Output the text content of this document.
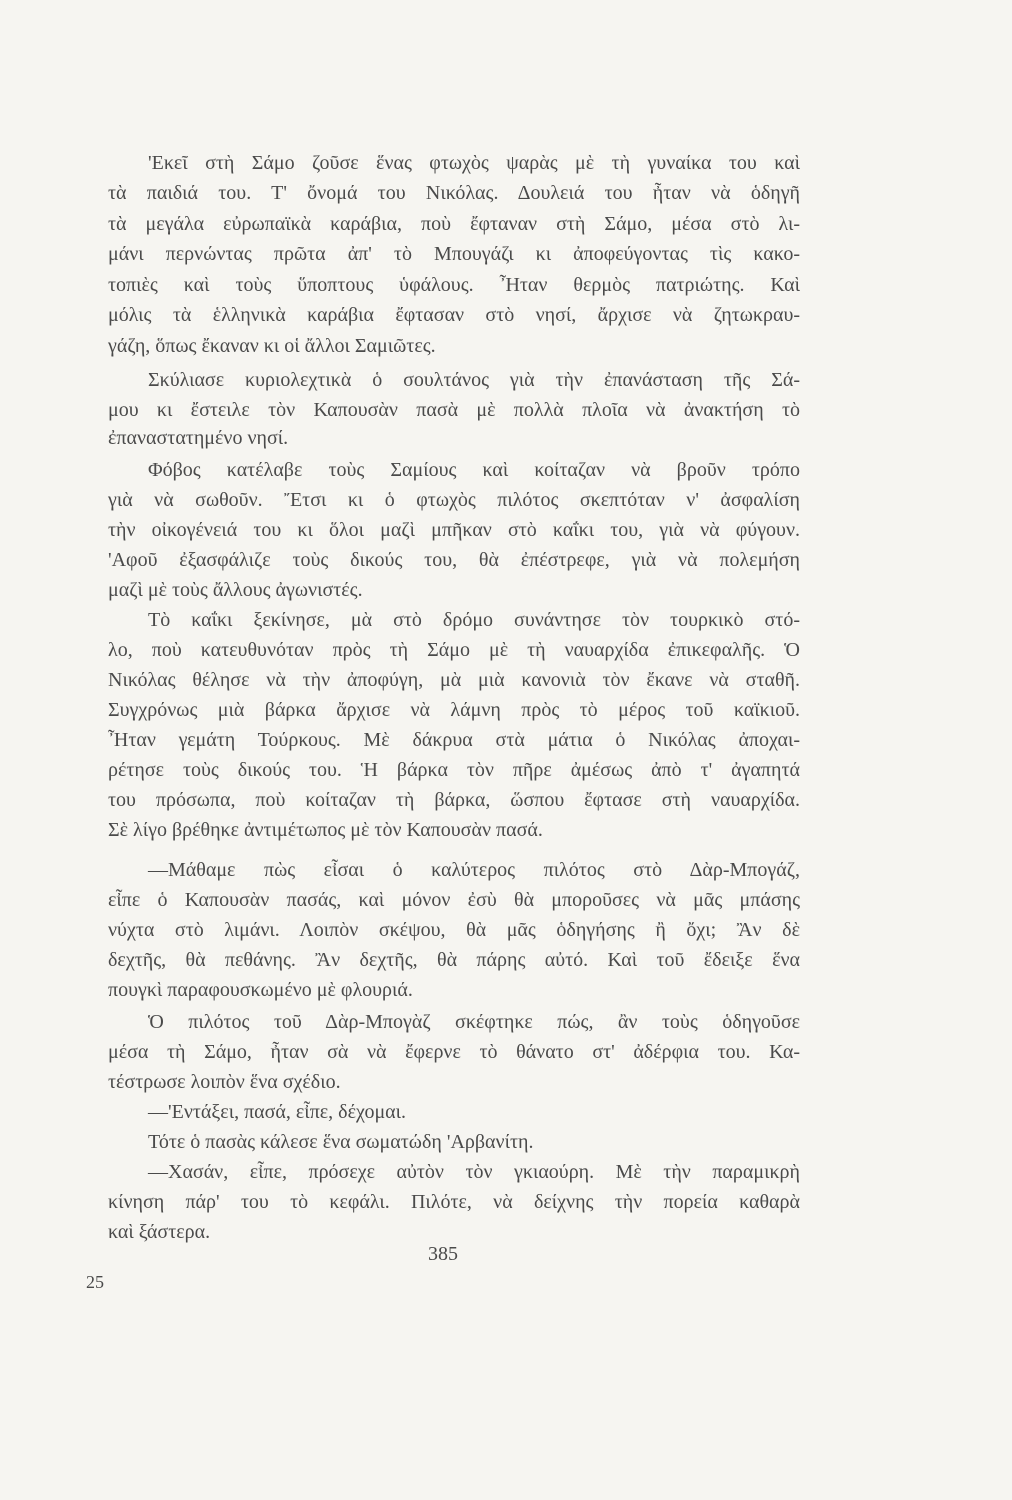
'Εκεῖ στὴ Σάμο ζοῦσε ἕνας φτωχὸς ψαρὰς μὲ τὴ γυναίκα του καὶ
τὰ παιδιά του. Τ' ὄνομά του Νικόλας. Δουλειά του ἦταν νὰ ὁδηγῆ
τὰ μεγάλα εὐρωπαϊκὰ καράβια, ποὺ ἔφταναν στὴ Σάμο, μέσα στὸ λι-
μάνι περνώντας πρῶτα ἀπ' τὸ Μπουγάζι κι ἀποφεύγοντας τὶς κακο-
τοπιὲς καὶ τοὺς ὕποπτους ὑφάλους. Ἦταν θερμὸς πατριώτης. Καὶ
μόλις τὰ ἑλληνικὰ καράβια ἔφτασαν στὸ νησί, ἄρχισε νὰ ζητωκραυ-
γάζη, ὅπως ἔκαναν κι οἱ ἄλλοι Σαμιῶτες.
Σκύλιασε κυριολεχτικὰ ὁ σουλτάνος γιὰ τὴν ἐπανάσταση τῆς Σά-
μου κι ἔστειλε τὸν Καπουσὰν πασὰ μὲ πολλὰ πλοῖα νὰ ἀνακτήση τὸ
ἐπαναστατημένο νησί.
Φόβος κατέλαβε τοὺς Σαμίους καὶ κοίταζαν νὰ βροῦν τρόπο
γιὰ νὰ σωθοῦν. Ἔτσι κι ὁ φτωχὸς πιλότος σκεπτόταν ν' ἀσφαλίση
τὴν οἰκογένειά του κι ὅλοι μαζὶ μπῆκαν στὸ καΐκι του, γιὰ νὰ φύγουν.
'Αφοῦ ἐξασφάλιζε τοὺς δικούς του, θὰ ἐπέστρεφε, γιὰ νὰ πολεμήση
μαζὶ μὲ τοὺς ἄλλους ἀγωνιστές.
Τὸ καΐκι ξεκίνησε, μὰ στὸ δρόμο συνάντησε τὸν τουρκικὸ στό-
λο, ποὺ κατευθυνόταν πρὸς τὴ Σάμο μὲ τὴ ναυαρχίδα ἐπικεφαλῆς. Ὁ
Νικόλας θέλησε νὰ τὴν ἀποφύγη, μὰ μιὰ κανονιὰ τὸν ἔκανε νὰ σταθῆ.
Συγχρόνως μιὰ βάρκα ἄρχισε νὰ λάμνη πρὸς τὸ μέρος τοῦ καϊκιοῦ.
Ἦταν γεμάτη Τούρκους. Μὲ δάκρυα στὰ μάτια ὁ Νικόλας ἀποχαι-
ρέτησε τοὺς δικούς του. Ἡ βάρκα τὸν πῆρε ἀμέσως ἀπὸ τ' ἀγαπητά
του πρόσωπα, ποὺ κοίταζαν τὴ βάρκα, ὥσπου ἔφτασε στὴ ναυαρχίδα.
Σὲ λίγο βρέθηκε ἀντιμέτωπος μὲ τὸν Καπουσὰν πασά.
—Μάθαμε πὼς εἶσαι ὁ καλύτερος πιλότος στὸ Δὰρ-Μπογάζ,
εἶπε ὁ Καπουσὰν πασάς, καὶ μόνον ἐσὺ θὰ μποροῦσες νὰ μᾶς μπάσης
νύχτα στὸ λιμάνι. Λοιπὸν σκέψου, θὰ μᾶς ὁδηγήσης ἢ ὄχι; Ἂν δὲ
δεχτῆς, θὰ πεθάνης. Ἂν δεχτῆς, θὰ πάρης αὐτό. Καὶ τοῦ ἔδειξε ἕνα
πουγκὶ παραφουσκωμένο μὲ φλουριά.
Ὁ πιλότος τοῦ Δὰρ-Μπογὰζ σκέφτηκε πώς, ἂν τοὺς ὁδηγοῦσε
μέσα τὴ Σάμο, ἦταν σὰ νὰ ἔφερνε τὸ θάνατο στ' ἀδέρφια του. Κα-
τέστρωσε λοιπὸν ἕνα σχέδιο.
—'Εντάξει, πασά, εἶπε, δέχομαι.
Τότε ὁ πασὰς κάλεσε ἕνα σωματώδη 'Αρβανίτη.
—Χασάν, εἶπε, πρόσεχε αὐτὸν τὸν γκιαούρη. Μὲ τὴν παραμικρὴ
κίνηση πάρ' του τὸ κεφάλι. Πιλότε, νὰ δείχνης τὴν πορεία καθαρὰ
καὶ ξάστερα.
385
25
